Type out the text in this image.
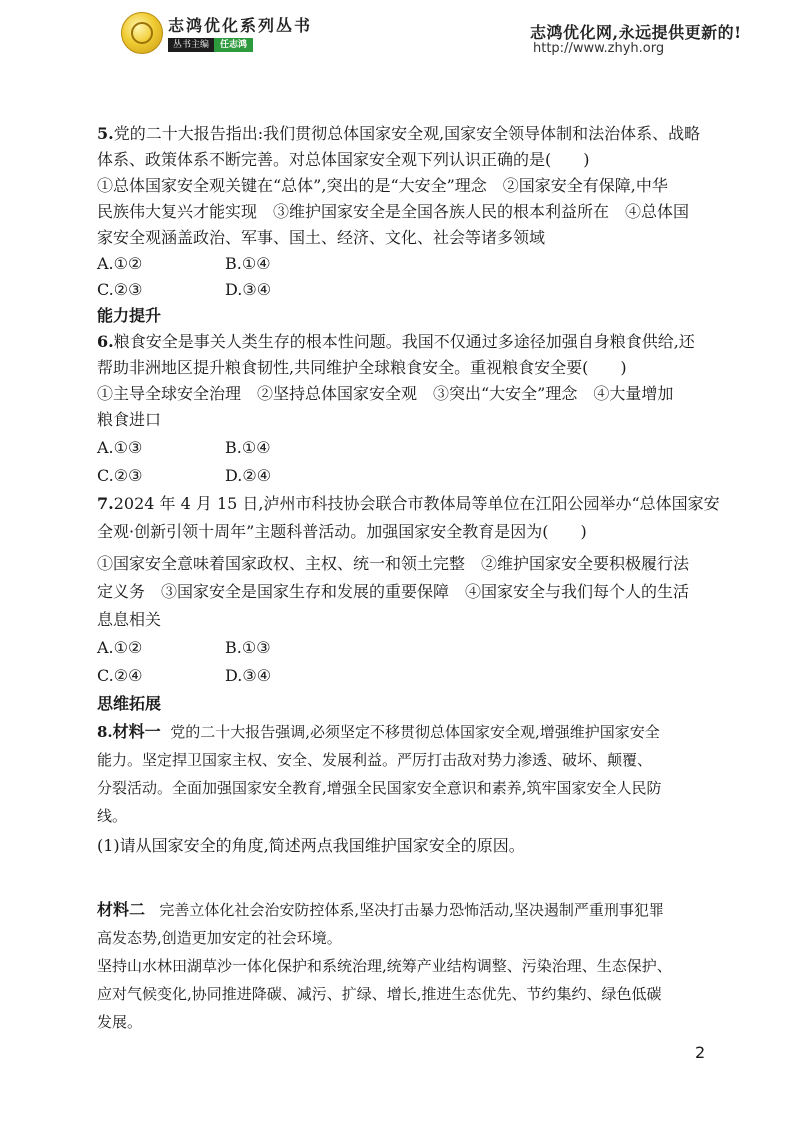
志鸿优化系列丛书
丛书主编	任志鸿
志鸿优化网,永远提供更新的!
http://www.zhyh.org
5.党的二十大报告指出:我们贯彻总体国家安全观,国家安全领导体制和法治体系、战略
体系、政策体系不断完善。对总体国家安全观下列认识正确的是(　　)
①总体国家安全观关键在“总体”,突出的是“大安全”理念　②国家安全有保障,中华
民族伟大复兴才能实现　③维护国家安全是全国各族人民的根本利益所在　④总体国
家安全观涵盖政治、军事、国土、经济、文化、社会等诸多领域
A.①②	B.①④
C.②③	D.③④
能力提升
6.粮食安全是事关人类生存的根本性问题。我国不仅通过多途径加强自身粮食供给,还
帮助非洲地区提升粮食韧性,共同维护全球粮食安全。重视粮食安全要(　　)
①主导全球安全治理　②坚持总体国家安全观　③突出“大安全”理念　④大量增加
粮食进口
A.①③	B.①④
C.②③	D.②④
7.2024 年 4 月 15 日,泸州市科技协会联合市教体局等单位在江阳公园举办“总体国家安
全观·创新引领十周年”主题科普活动。加强国家安全教育是因为(　　)
①国家安全意味着国家政权、主权、统一和领土完整　②维护国家安全要积极履行法
定义务　③国家安全是国家生存和发展的重要保障　④国家安全与我们每个人的生活
息息相关
A.①②	B.①③
C.②④	D.③④
思维拓展
8.材料一 党的二十大报告强调,必须坚定不移贯彻总体国家安全观,增强维护国家安全
能力。坚定捍卫国家主权、安全、发展利益。严厉打击敌对势力渗透、破坏、颠覆、
分裂活动。全面加强国家安全教育,增强全民国家安全意识和素养,筑牢国家安全人民防
线。
(1)请从国家安全的角度,简述两点我国维护国家安全的原因。
材料二 完善立体化社会治安防控体系,坚决打击暴力恐怖活动,坚决遏制严重刑事犯罪
高发态势,创造更加安定的社会环境。
坚持山水林田湖草沙一体化保护和系统治理,统筹产业结构调整、污染治理、生态保护、
应对气候变化,协同推进降碳、减污、扩绿、增长,推进生态优先、节约集约、绿色低碳
发展。
2
